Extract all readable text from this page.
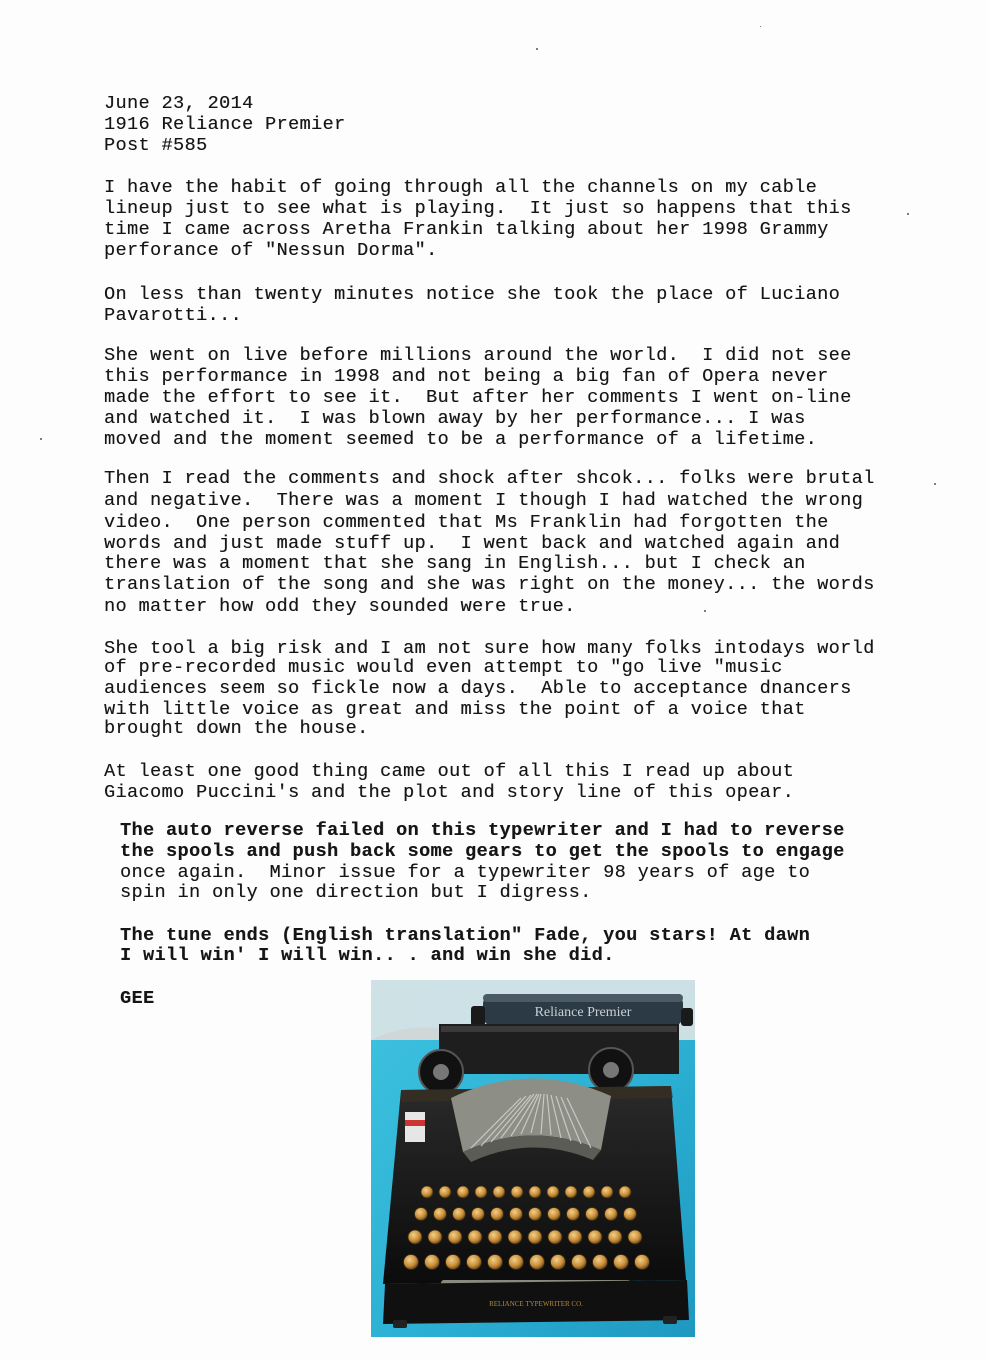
June 23, 2014
1916 Reliance Premier
Post #585
I have the habit of going through all the channels on my cable
lineup just to see what is playing.  It just so happens that this
time I came across Aretha Frankin talking about her 1998 Grammy
perforance of "Nessun Dorma".
On less than twenty minutes notice she took the place of Luciano
Pavarotti...
She went on live before millions around the world.  I did not see
this performance in 1998 and not being a big fan of Opera never
made the effort to see it.  But after her comments I went on-line
and watched it.  I was blown away by her performance... I was
moved and the moment seemed to be a performance of a lifetime.
Then I read the comments and shock after shcok... folks were brutal
and negative.  There was a moment I though I had watched the wrong
video.  One person commented that Ms Franklin had forgotten the
words and just made stuff up.  I went back and watched again and
there was a moment that she sang in English... but I check an
translation of the song and she was right on the money... the words
no matter how odd they sounded were true.
She tool a big risk and I am not sure how many folks intodays world
of pre-recorded music would even attempt to "go live "music
audiences seem so fickle now a days.  Able to acceptance dnancers
with little voice as great and miss the point of a voice that
brought down the house.
At least one good thing came out of all this I read up about
Giacomo Puccini's and the plot and story line of this opear.
The auto reverse failed on this typewriter and I had to reverse
the spools and push back some gears to get the spools to engage
once again.  Minor issue for a typewriter 98 years of age to
spin in only one direction but I digress.
The tune ends (English translation" Fade, you stars! At dawn
I will win' I will win.. . and win she did.
GEE
Reliance Premier
RELIANCE TYPEWRITER CO.
